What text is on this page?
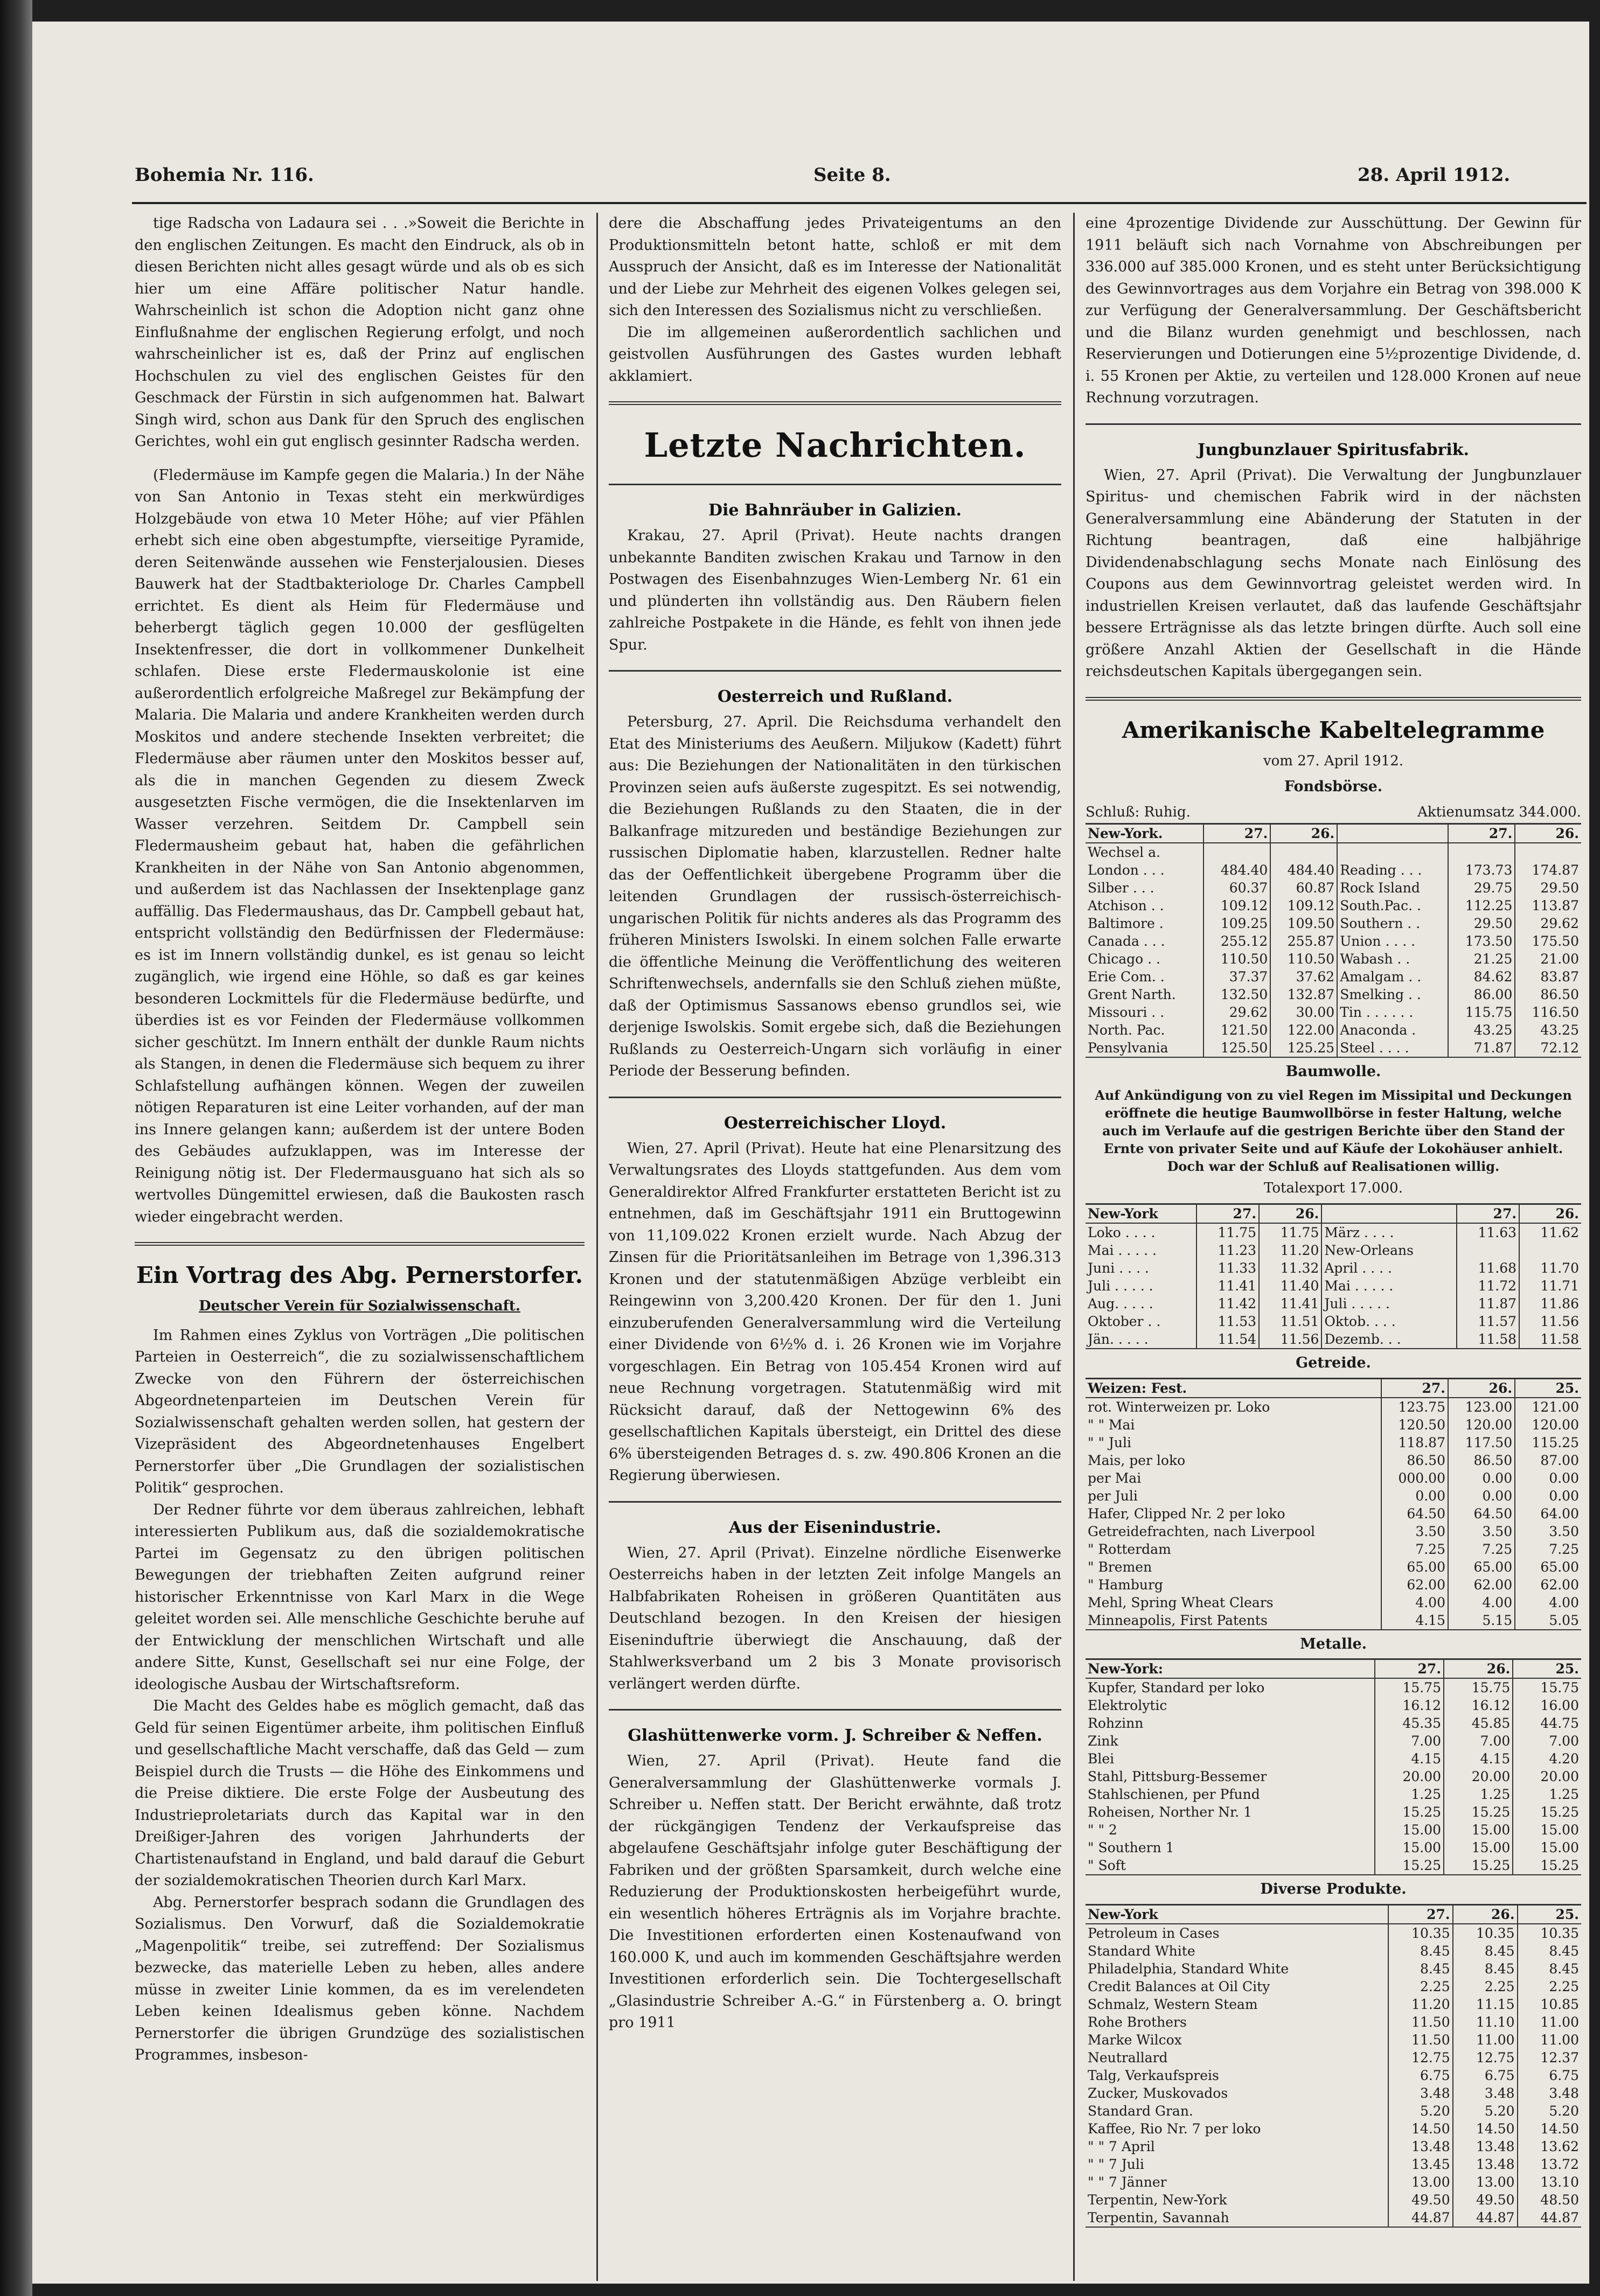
Bohemia Nr. 116.	Seite 8.	28. April 1912.

tige Radscha von Ladaura sei . . .»Soweit die Berichte in den englischen Zeitungen. Es macht den Eindruck, als ob in diesen Berichten nicht alles gesagt würde und als ob es sich hier um eine Affäre politischer Natur handle. Wahrscheinlich ist schon die Adoption nicht ganz ohne Einflußnahme der englischen Regierung erfolgt, und noch wahrscheinlicher ist es, daß der Prinz auf englischen Hochschulen zu viel des englischen Geistes für den Geschmack der Fürstin in sich aufgenommen hat. Balwart Singh wird, schon aus Dank für den Spruch des englischen Gerichtes, wohl ein gut englisch gesinnter Radscha werden.

(Fledermäuse im Kampfe gegen die Malaria.) In der Nähe von San Antonio in Texas steht ein merkwürdiges Holzgebäude von etwa 10 Meter Höhe; auf vier Pfählen erhebt sich eine oben abgestumpfte, vierseitige Pyramide, deren Seitenwände aussehen wie Fensterjalousien. Dieses Bauwerk hat der Stadtbakteriologe Dr. Charles Campbell errichtet. Es dient als Heim für Fledermäuse und beherbergt täglich gegen 10.000 der gesflügelten Insektenfresser, die dort in vollkommener Dunkelheit schlafen. Diese erste Fledermauskolonie ist eine außerordentlich erfolgreiche Maßregel zur Bekämpfung der Malaria. Die Malaria und andere Krankheiten werden durch Moskitos und andere stechende Insekten verbreitet; die Fledermäuse aber räumen unter den Moskitos besser auf, als die in manchen Gegenden zu diesem Zweck ausgesetzten Fische vermögen, die die Insektenlarven im Wasser verzehren. Seitdem Dr. Campbell sein Fledermausheim gebaut hat, haben die gefährlichen Krankheiten in der Nähe von San Antonio abgenommen, und außerdem ist das Nachlassen der Insektenplage ganz auffällig. Das Fledermaushaus, das Dr. Campbell gebaut hat, entspricht vollständig den Bedürfnissen der Fledermäuse: es ist im Innern vollständig dunkel, es ist genau so leicht zugänglich, wie irgend eine Höhle, so daß es gar keines besonderen Lockmittels für die Fledermäuse bedürfte, und überdies ist es vor Feinden der Fledermäuse vollkommen sicher geschützt. Im Innern enthält der dunkle Raum nichts als Stangen, in denen die Fledermäuse sich bequem zu ihrer Schlafstellung aufhängen können. Wegen der zuweilen nötigen Reparaturen ist eine Leiter vorhanden, auf der man ins Innere gelangen kann; außerdem ist der untere Boden des Gebäudes aufzuklappen, was im Interesse der Reinigung nötig ist. Der Fledermausguano hat sich als so wertvolles Düngemittel erwiesen, daß die Baukosten rasch wieder eingebracht werden.

Ein Vortrag des Abg. Pernerstorfer.
Deutscher Verein für Sozialwissenschaft.

Im Rahmen eines Zyklus von Vorträgen „Die politischen Parteien in Oesterreich“, die zu sozialwissenschaftlichem Zwecke von den Führern der österreichischen Abgeordnetenparteien im Deutschen Verein für Sozialwissenschaft gehalten werden sollen, hat gestern der Vizepräsident des Abgeordnetenhauses Engelbert Pernerstorfer über „Die Grundlagen der sozialistischen Politik“ gesprochen.

Der Redner führte vor dem überaus zahlreichen, lebhaft interessierten Publikum aus, daß die sozialdemokratische Partei im Gegensatz zu den übrigen politischen Bewegungen der triebhaften Zeiten aufgrund reiner historischer Erkenntnisse von Karl Marx in die Wege geleitet worden sei. Alle menschliche Geschichte beruhe auf der Entwicklung der menschlichen Wirtschaft und alle andere Sitte, Kunst, Gesellschaft sei nur eine Folge, der ideologische Ausbau der Wirtschaftsreform.

Die Macht des Geldes habe es möglich gemacht, daß das Geld für seinen Eigentümer arbeite, ihm politischen Einfluß und gesellschaftliche Macht verschaffe, daß das Geld — zum Beispiel durch die Trusts — die Höhe des Einkommens und die Preise diktiere. Die erste Folge der Ausbeutung des Industrieproletariats durch das Kapital war in den Dreißiger-Jahren des vorigen Jahrhunderts der Chartistenaufstand in England, und bald darauf die Geburt der sozialdemokratischen Theorien durch Karl Marx.

Abg. Pernerstorfer besprach sodann die Grundlagen des Sozialismus. Den Vorwurf, daß die Sozialdemokratie „Magenpolitik“ treibe, sei zutreffend: Der Sozialismus bezwecke, das materielle Leben zu heben, alles andere müsse in zweiter Linie kommen, da es im verelendeten Leben keinen Idealismus geben könne. Nachdem Pernerstorfer die übrigen Grundzüge des sozialistischen Programmes, insbeson-

dere die Abschaffung jedes Privateigentums an den Produktionsmitteln betont hatte, schloß er mit dem Ausspruch der Ansicht, daß es im Interesse der Nationalität und der Liebe zur Mehrheit des eigenen Volkes gelegen sei, sich den Interessen des Sozialismus nicht zu verschließen.

Die im allgemeinen außerordentlich sachlichen und geistvollen Ausführungen des Gastes wurden lebhaft akklamiert.

Letzte Nachrichten.
Die Bahnräuber in Galizien.

Krakau, 27. April (Privat). Heute nachts drangen unbekannte Banditen zwischen Krakau und Tarnow in den Postwagen des Eisenbahnzuges Wien-Lemberg Nr. 61 ein und plünderten ihn vollständig aus. Den Räubern fielen zahlreiche Postpakete in die Hände, es fehlt von ihnen jede Spur.

Oesterreich und Rußland.

Petersburg, 27. April. Die Reichsduma verhandelt den Etat des Ministeriums des Aeußern. Miljukow (Kadett) führt aus: Die Beziehungen der Nationalitäten in den türkischen Provinzen seien aufs äußerste zugespitzt. Es sei notwendig, die Beziehungen Rußlands zu den Staaten, die in der Balkanfrage mitzureden und beständige Beziehungen zur russischen Diplomatie haben, klarzustellen. Redner halte das der Oeffentlichkeit übergebene Programm über die leitenden Grundlagen der russisch-österreichisch-ungarischen Politik für nichts anderes als das Programm des früheren Ministers Iswolski. In einem solchen Falle erwarte die öffentliche Meinung die Veröffentlichung des weiteren Schriftenwechsels, andernfalls sie den Schluß ziehen müßte, daß der Optimismus Sassanows ebenso grundlos sei, wie derjenige Iswolskis. Somit ergebe sich, daß die Beziehungen Rußlands zu Oesterreich-Ungarn sich vorläufig in einer Periode der Besserung befinden.

Oesterreichischer Lloyd.

Wien, 27. April (Privat). Heute hat eine Plenarsitzung des Verwaltungsrates des Lloyds stattgefunden. Aus dem vom Generaldirektor Alfred Frankfurter erstatteten Bericht ist zu entnehmen, daß im Geschäftsjahr 1911 ein Bruttogewinn von 11,109.022 Kronen erzielt wurde. Nach Abzug der Zinsen für die Prioritätsanleihen im Betrage von 1,396.313 Kronen und der statutenmäßigen Abzüge verbleibt ein Reingewinn von 3,200.420 Kronen. Der für den 1. Juni einzuberufenden Generalversammlung wird die Verteilung einer Dividende von 6½% d. i. 26 Kronen wie im Vorjahre vorgeschlagen. Ein Betrag von 105.454 Kronen wird auf neue Rechnung vorgetragen. Statutenmäßig wird mit Rücksicht darauf, daß der Nettogewinn 6% des gesellschaftlichen Kapitals übersteigt, ein Drittel des diese 6% übersteigenden Betrages d. s. zw. 490.806 Kronen an die Regierung überwiesen.

Aus der Eisenindustrie.

Wien, 27. April (Privat). Einzelne nördliche Eisenwerke Oesterreichs haben in der letzten Zeit infolge Mangels an Halbfabrikaten Roheisen in größeren Quantitäten aus Deutschland bezogen. In den Kreisen der hiesigen Eiseninduftrie überwiegt die Anschauung, daß der Stahlwerksverband um 2 bis 3 Monate provisorisch verlängert werden dürfte.

Glashüttenwerke vorm. J. Schreiber & Neffen.

Wien, 27. April (Privat). Heute fand die Generalversammlung der Glashüttenwerke vormals J. Schreiber u. Neffen statt. Der Bericht erwähnte, daß trotz der rückgängigen Tendenz der Verkaufspreise das abgelaufene Geschäftsjahr infolge guter Beschäftigung der Fabriken und der größten Sparsamkeit, durch welche eine Reduzierung der Produktionskosten herbeigeführt wurde, ein wesentlich höheres Erträgnis als im Vorjahre brachte. Die Investitionen erforderten einen Kostenaufwand von 160.000 K, und auch im kommenden Geschäftsjahre werden Investitionen erforderlich sein. Die Tochtergesellschaft „Glasindustrie Schreiber A.-G.“ in Fürstenberg a. O. bringt pro 1911

eine 4prozentige Dividende zur Ausschüttung. Der Gewinn für 1911 beläuft sich nach Vornahme von Abschreibungen per 336.000 auf 385.000 Kronen, und es steht unter Berücksichtigung des Gewinnvortrages aus dem Vorjahre ein Betrag von 398.000 K zur Verfügung der Generalversammlung. Der Geschäftsbericht und die Bilanz wurden genehmigt und beschlossen, nach Reservierungen und Dotierungen eine 5½prozentige Dividende, d. i. 55 Kronen per Aktie, zu verteilen und 128.000 Kronen auf neue Rechnung vorzutragen.

Jungbunzlauer Spiritusfabrik.

Wien, 27. April (Privat). Die Verwaltung der Jungbunzlauer Spiritus- und chemischen Fabrik wird in der nächsten Generalversammlung eine Abänderung der Statuten in der Richtung beantragen, daß eine halbjährige Dividendenabschlagung sechs Monate nach Einlösung des Coupons aus dem Gewinnvortrag geleistet werden wird. In industriellen Kreisen verlautet, daß das laufende Geschäftsjahr bessere Erträgnisse als das letzte bringen dürfte. Auch soll eine größere Anzahl Aktien der Gesellschaft in die Hände reichsdeutschen Kapitals übergegangen sein.

Amerikanische Kabeltelegramme
vom 27. April 1912.
Fondsbörse.
Schluß: Ruhig.	Aktienumsatz 344.000.
New-York.	27.	26.		27.	26.
Wechsel a.					
London . . .	484.40	484.40	Reading . . .	173.73	174.87
Silber . . .	60.37	60.87	Rock Island	29.75	29.50
Atchison . .	109.12	109.12	South.Pac. .	112.25	113.87
Baltimore .	109.25	109.50	Southern . .	29.50	29.62
Canada . . .	255.12	255.87	Union . . . .	173.50	175.50
Chicago . .	110.50	110.50	Wabash . .	21.25	21.00
Erie Com. .	37.37	37.62	Amalgam . .	84.62	83.87
Grent Narth.	132.50	132.87	Smelking . .	86.00	86.50
Missouri . .	29.62	30.00	Tin . . . . . .	115.75	116.50
North. Pac.	121.50	122.00	Anaconda .	43.25	43.25
Pensylvania	125.50	125.25	Steel . . . .	71.87	72.12
Baumwolle.
Auf Ankündigung von zu viel Regen im Missipital und Deckungen eröffnete die heutige Baumwollbörse in fester Haltung, welche auch im Verlaufe auf die gestrigen Berichte über den Stand der Ernte von privater Seite und auf Käufe der Lokohäuser anhielt. Doch war der Schluß auf Realisationen willig.
Totalexport 17.000.
New-York	27.	26.		27.	26.
Loko . . . .	11.75	11.75	März . . . .	11.63	11.62
Mai . . . . .	11.23	11.20	New-Orleans		
Juni . . . .	11.33	11.32	April . . . .	11.68	11.70
Juli . . . . .	11.41	11.40	Mai . . . . .	11.72	11.71
Aug. . . . .	11.42	11.41	Juli . . . . .	11.87	11.86
Oktober . .	11.53	11.51	Oktob. . . .	11.57	11.56
Jän. . . . .	11.54	11.56	Dezemb. . .	11.58	11.58
Getreide.
Weizen: Fest.	27.	26.	25.
rot. Winterweizen pr. Loko	123.75	123.00	121.00
" " Mai	120.50	120.00	120.00
" " Juli	118.87	117.50	115.25
Mais, per loko	86.50	86.50	87.00
per Mai	000.00	0.00	0.00
per Juli	0.00	0.00	0.00
Hafer, Clipped Nr. 2 per loko	64.50	64.50	64.00
Getreidefrachten, nach Liverpool	3.50	3.50	3.50
" Rotterdam	7.25	7.25	7.25
" Bremen	65.00	65.00	65.00
" Hamburg	62.00	62.00	62.00
Mehl, Spring Wheat Clears	4.00	4.00	4.00
Minneapolis, First Patents	4.15	5.15	5.05
Metalle.
New-York:	27.	26.	25.
Kupfer, Standard per loko	15.75	15.75	15.75
Elektrolytic	16.12	16.12	16.00
Rohzinn	45.35	45.85	44.75
Zink	7.00	7.00	7.00
Blei	4.15	4.15	4.20
Stahl, Pittsburg-Bessemer	20.00	20.00	20.00
Stahlschienen, per Pfund	1.25	1.25	1.25
Roheisen, Norther Nr. 1	15.25	15.25	15.25
" " 2	15.00	15.00	15.00
" Southern 1	15.00	15.00	15.00
" Soft	15.25	15.25	15.25
Diverse Produkte.
New-York	27.	26.	25.
Petroleum in Cases	10.35	10.35	10.35
Standard White	8.45	8.45	8.45
Philadelphia, Standard White	8.45	8.45	8.45
Credit Balances at Oil City	2.25	2.25	2.25
Schmalz, Western Steam	11.20	11.15	10.85
Rohe Brothers	11.50	11.10	11.00
Marke Wilcox	11.50	11.00	11.00
Neutrallard	12.75	12.75	12.37
Talg, Verkaufspreis	6.75	6.75	6.75
Zucker, Muskovados	3.48	3.48	3.48
Standard Gran.	5.20	5.20	5.20
Kaffee, Rio Nr. 7 per loko	14.50	14.50	14.50
" " 7 April	13.48	13.48	13.62
" " 7 Juli	13.45	13.48	13.72
" " 7 Jänner	13.00	13.00	13.10
Terpentin, New-York	49.50	49.50	48.50
Terpentin, Savannah	44.87	44.87	44.87
